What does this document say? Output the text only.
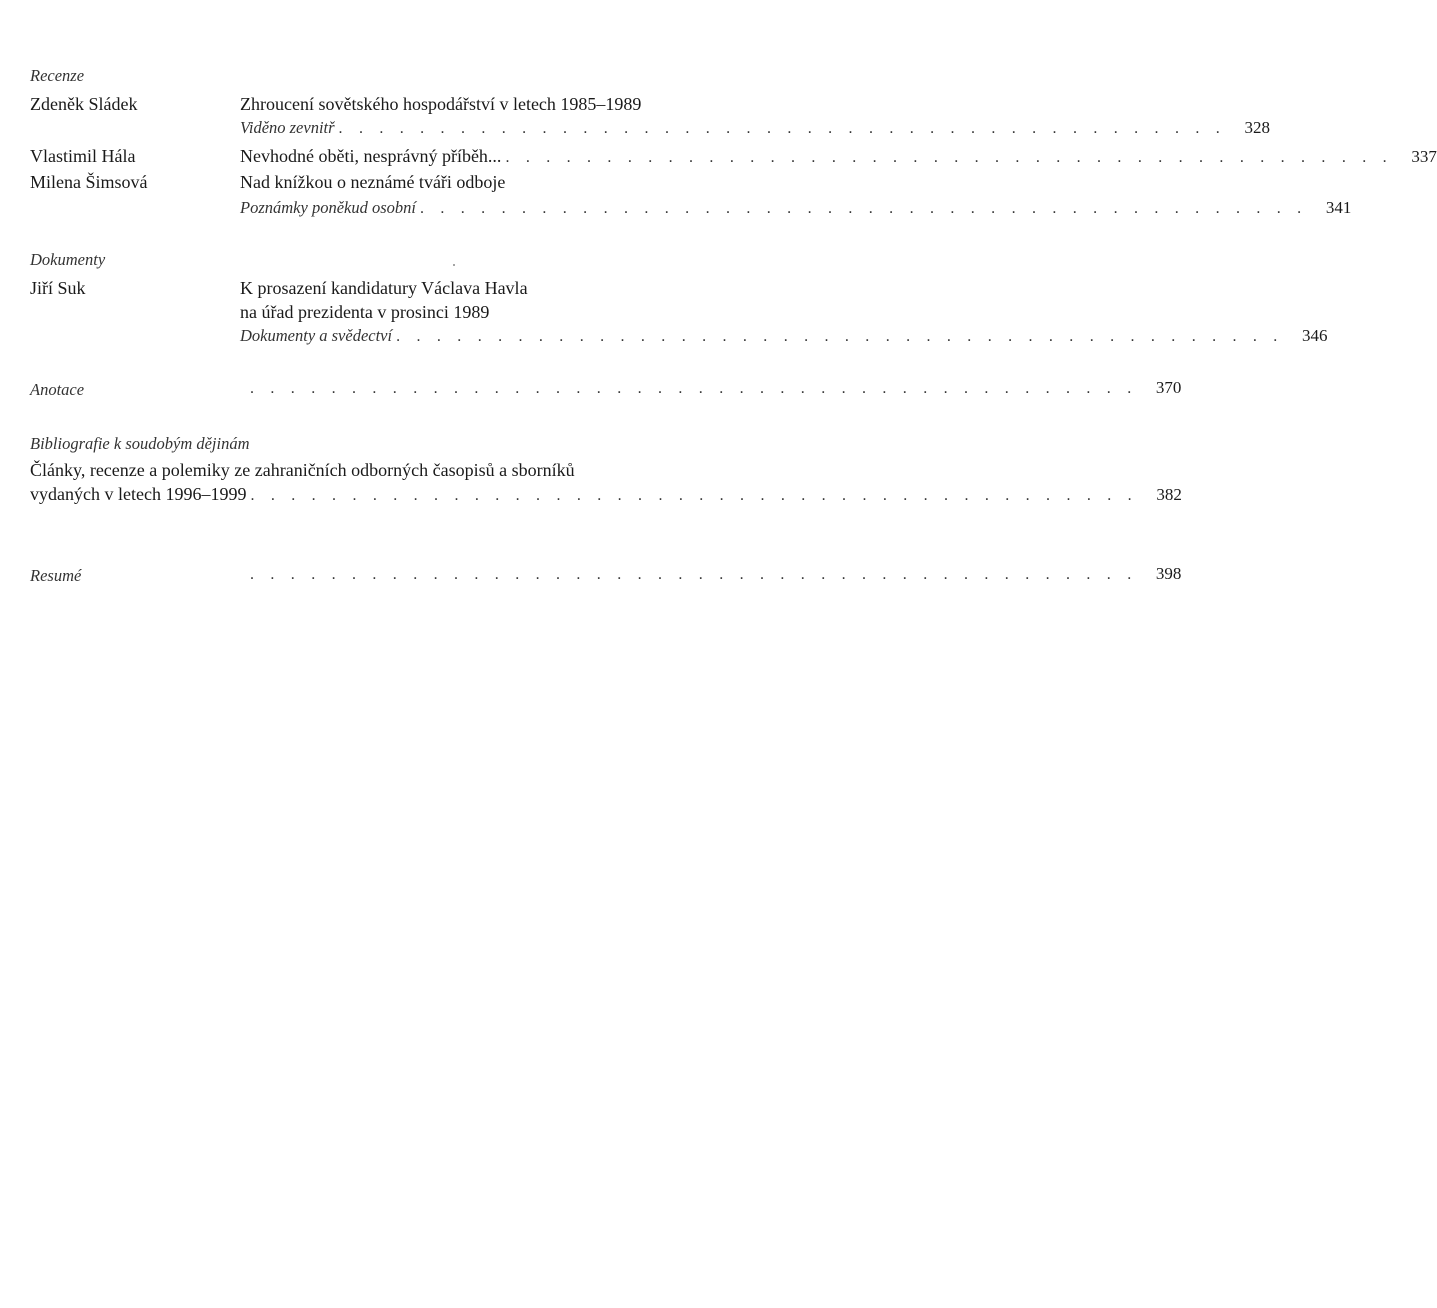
Recenze
Zdeněk Sládek	Zhroucení sovětského hospodářství v letech 1985–1989
Viděno zevnitř . . . . . . . . . . . . . . . . . . . . . . . . . . . . . . . . . . . . . . . . . . . .	328
Vlastimil Hála	Nevhodné oběti, nesprávný příběh... . . . . . . . . . . . . . . . . . . . . . . . . . . . . . . . . . . . . . . . . . . . .	337
Milena Šimsová	Nad knížkou o neznámé tváři odboje
Poznámky poněkud osobní . . . . . . . . . . . . . . . . . . . . . . . . . . . . . . . . . . . . . . . . . . . .	341
Dokumenty
Jiří Suk	K prosazení kandidatury Václava Havla
na úřad prezidenta v prosinci 1989
Dokumenty a svědectví . . . . . . . . . . . . . . . . . . . . . . . . . . . . . . . . . . . . . . . . . . . .	346
Anotace	. . . . . . . . . . . . . . . . . . . . . . . . . . . . . . . . . . . . . . . . . . . .	370
Bibliografie k soudobým dějinám
Články, recenze a polemiky ze zahraničních odborných časopisů a sborníků
vydaných v letech 1996–1999 . . . . . . . . . . . . . . . . . . . . . . . . . . . . . . . . . . . . . . . . . . . .	382
Resumé	. . . . . . . . . . . . . . . . . . . . . . . . . . . . . . . . . . . . . . . . . . . .	398
